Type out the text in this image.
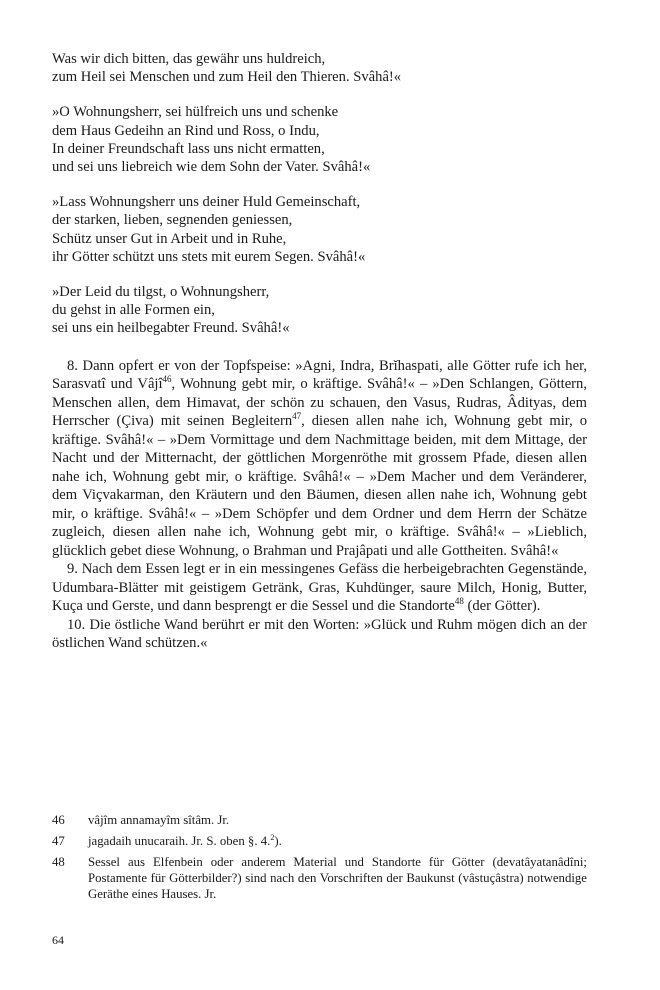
Was wir dich bitten, das gewähr uns huldreich,
zum Heil sei Menschen und zum Heil den Thieren. Svâhâ!«
»O Wohnungsherr, sei hülfreich uns und schenke
dem Haus Gedeihn an Rind und Ross, o Indu,
In deiner Freundschaft lass uns nicht ermatten,
und sei uns liebreich wie dem Sohn der Vater. Svâhâ!«
»Lass Wohnungsherr uns deiner Huld Gemeinschaft,
der starken, lieben, segnenden geniessen,
Schütz unser Gut in Arbeit und in Ruhe,
ihr Götter schützt uns stets mit eurem Segen. Svâhâ!«
»Der Leid du tilgst, o Wohnungsherr,
du gehst in alle Formen ein,
sei uns ein heilbegabter Freund. Svâhâ!«

8. Dann opfert er von der Topfspeise: »Agni, Indra, Brĭhaspati, alle Götter rufe ich her, Sarasvatî und Vâjî$^{46}$, Wohnung gebt mir, o kräftige. Svâhâ!« – »Den Schlangen, Göttern, Menschen allen, dem Himavat, der schön zu schauen, den Vasus, Rudras, Âdityas, dem Herrscher (Çiva) mit seinen Begleitern$^{47}$, diesen allen nahe ich, Wohnung gebt mir, o kräftige. Svâhâ!« – »Dem Vormittage und dem Nachmittage beiden, mit dem Mittage, der Nacht und der Mitternacht, der göttlichen Morgenröthe mit grossem Pfade, diesen allen nahe ich, Wohnung gebt mir, o kräftige. Svâhâ!« – »Dem Macher und dem Veränderer, dem Viçvakarman, den Kräutern und den Bäumen, diesen allen nahe ich, Wohnung gebt mir, o kräftige. Svâhâ!« – »Dem Schöpfer und dem Ordner und dem Herrn der Schätze zugleich, diesen allen nahe ich, Wohnung gebt mir, o kräftige. Svâhâ!« – »Lieblich, glücklich gebet diese Wohnung, o Brahman und Prajâpati und alle Gottheiten. Svâhâ!«

9. Nach dem Essen legt er in ein messingenes Gefäss die herbeigebrachten Gegenstände, Udumbara-Blätter mit geistigem Getränk, Gras, Kuhdünger, saure Milch, Honig, Butter, Kuça und Gerste, und dann besprengt er die Sessel und die Standorte$^{48}$ (der Götter).

10. Die östliche Wand berührt er mit den Worten: »Glück und Ruhm mögen dich an der östlichen Wand schützen.«

46	vâjîm annamayîm sîtâm. Jr.
47	jagadaih unucaraih. Jr. S. oben §. 4.$^2$).
48	Sessel aus Elfenbein oder anderem Material und Standorte für Götter (devatâyatanâdîni; Postamente für Götterbilder?) sind nach den Vorschriften der Baukunst (vâstuçâstra) notwendige Geräthe eines Hauses. Jr.
64
